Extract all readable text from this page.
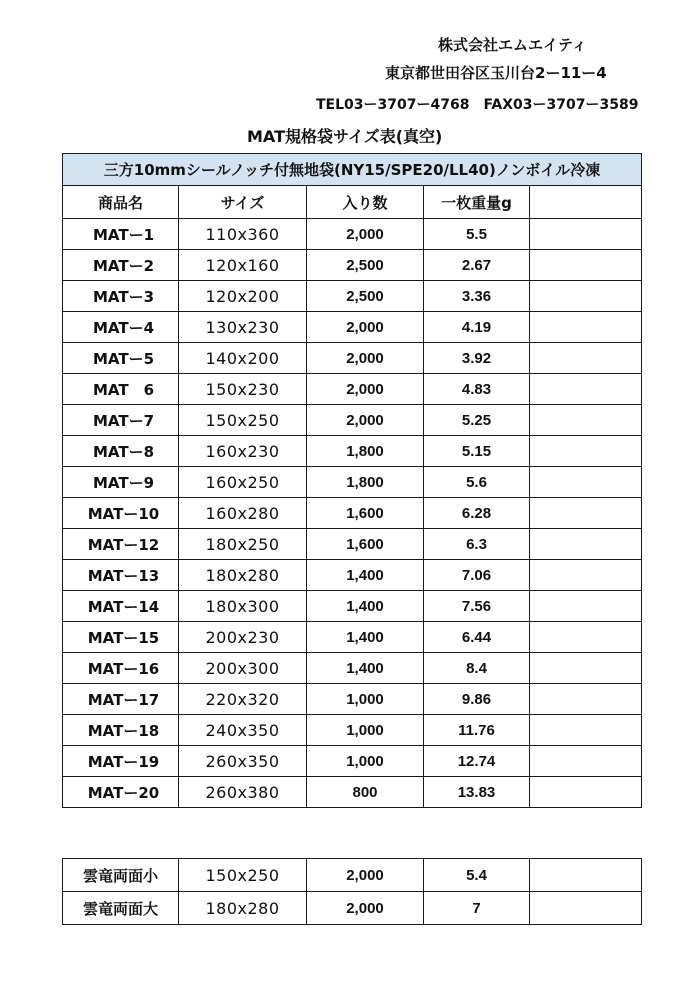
株式会社エムエイティ
東京都世田谷区玉川台2ー11ー4
TEL03ー3707ー4768　FAX03ー3707ー3589
MAT規格袋サイズ表(真空)
三方10mmシールノッチ付無地袋(NY15/SPE20/LL40)ノンボイル冷凍				
商品名	サイズ	入り数	一枚重量g	
MATー1	110x360	2,000	5.5	
MATー2	120x160	2,500	2.67	
MATー3	120x200	2,500	3.36	
MATー4	130x230	2,000	4.19	
MATー5	140x200	2,000	3.92	
MAT　6	150x230	2,000	4.83	
MATー7	150x250	2,000	5.25	
MATー8	160x230	1,800	5.15	
MATー9	160x250	1,800	5.6	
MATー10	160x280	1,600	6.28	
MATー12	180x250	1,600	6.3	
MATー13	180x280	1,400	7.06	
MATー14	180x300	1,400	7.56	
MATー15	200x230	1,400	6.44	
MATー16	200x300	1,400	8.4	
MATー17	220x320	1,000	9.86	
MATー18	240x350	1,000	11.76	
MATー19	260x350	1,000	12.74	
MATー20	260x380	800	13.83	
雲竜両面小	150x250	2,000	5.4	
雲竜両面大	180x280	2,000	7	
